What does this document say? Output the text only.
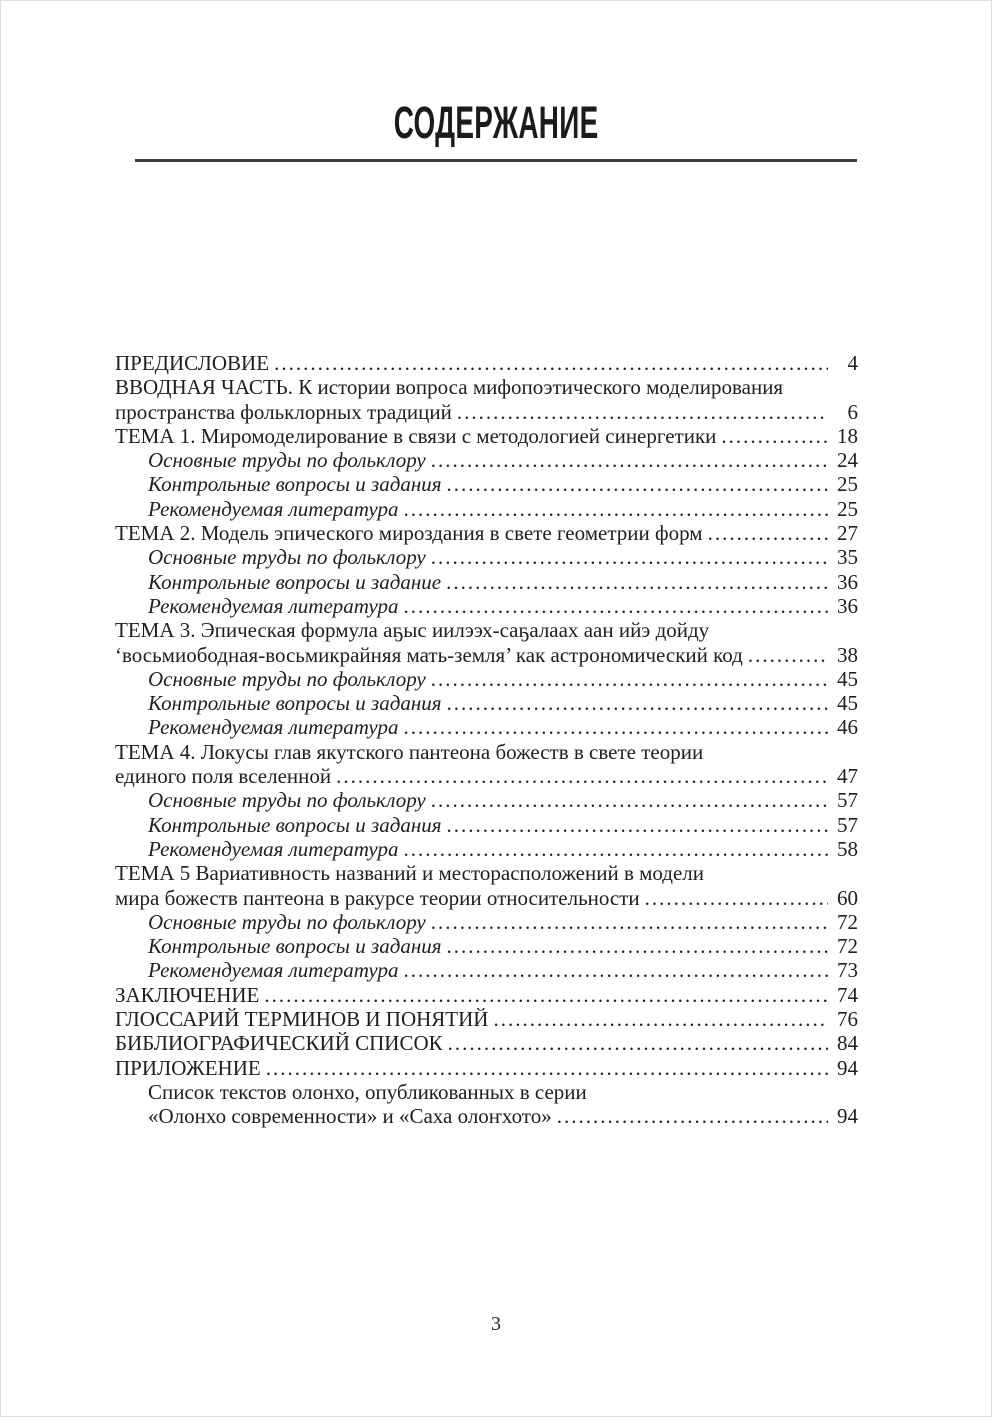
СОДЕРЖАНИЕ
ПРЕДИСЛОВИЕ .....	4
ВВОДНАЯ ЧАСТЬ. К истории вопроса мифопоэтического моделирования
пространства фольклорных традиций .....	6
ТЕМА 1. Миромоделирование в связи с методологией синергетики .....	18
Основные труды по фольклору .....	24
Контрольные вопросы и задания .....	25
Рекомендуемая литература .....	25
ТЕМА 2. Модель эпического мироздания в свете геометрии форм .....	27
Основные труды по фольклору .....	35
Контрольные вопросы и задание .....	36
Рекомендуемая литература .....	36
ТЕМА 3. Эпическая формула аҕыс иилээх-саҕалаах аан ийэ дойду
‘восьмиободная-восьмикрайняя мать-земля’ как астрономический код .....	38
Основные труды по фольклору .....	45
Контрольные вопросы и задания .....	45
Рекомендуемая литература .....	46
ТЕМА 4. Локусы глав якутского пантеона божеств в свете теории
единого поля вселенной .....	47
Основные труды по фольклору .....	57
Контрольные вопросы и задания .....	57
Рекомендуемая литература .....	58
ТЕМА 5 Вариативность названий и месторасположений в модели
мира божеств пантеона в ракурсе теории относительности .....	60
Основные труды по фольклору .....	72
Контрольные вопросы и задания .....	72
Рекомендуемая литература .....	73
ЗАКЛЮЧЕНИЕ .....	74
ГЛОССАРИЙ ТЕРМИНОВ И ПОНЯТИЙ .....	76
БИБЛИОГРАФИЧЕСКИЙ СПИСОК .....	84
ПРИЛОЖЕНИЕ .....	94
Список текстов олонхо, опубликованных в серии
«Олонхо современности» и «Саха олоҥхото» .....	94
3
